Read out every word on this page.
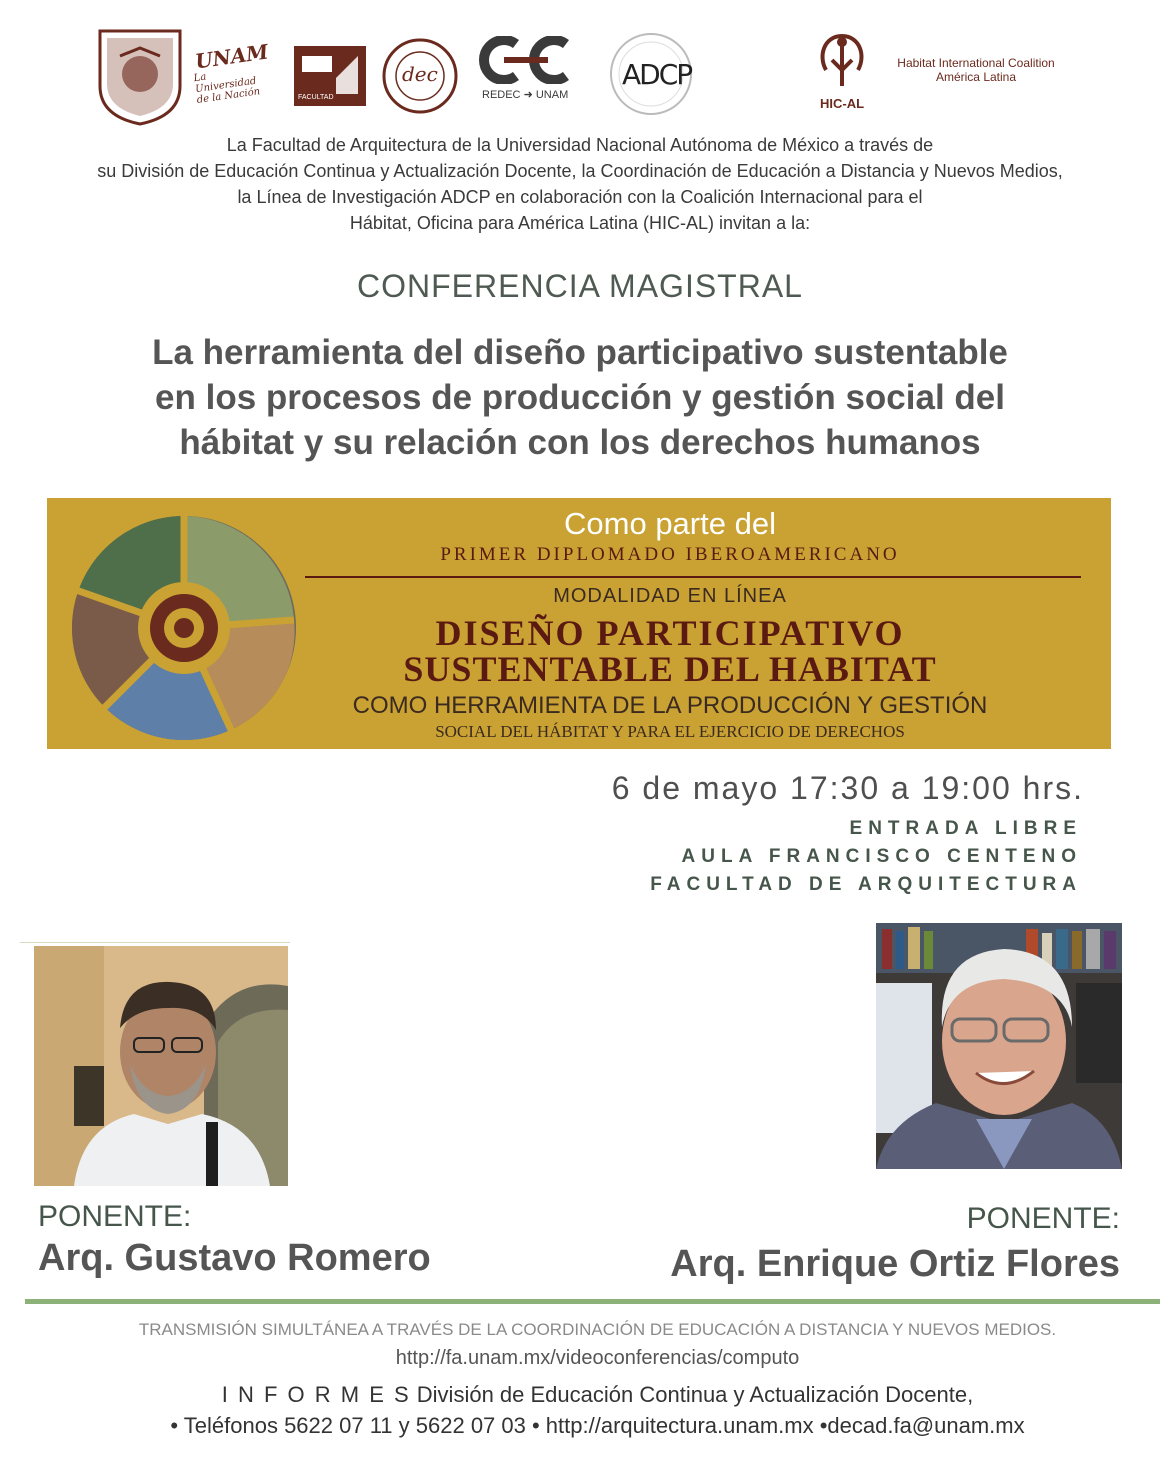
UNAM
La Universidad de la Nación	FACULTAD
dec
REDEC ➜ UNAM
ADCP
HIC-AL
Habitat International Coalition
América Latina
La Facultad de Arquitectura de la Universidad Nacional Autónoma de México a través de
su División de Educación Continua y Actualización Docente, la Coordinación de Educación a Distancia y Nuevos Medios,
la Línea de Investigación ADCP en colaboración con la Coalición Internacional para el
Hábitat, Oficina para América Latina (HIC-AL) invitan a la:
CONFERENCIA MAGISTRAL
La herramienta del diseño participativo sustentable
en los procesos de producción y gestión social del
hábitat y su relación con los derechos humanos
Como parte del
PRIMER DIPLOMADO IBEROAMERICANO
MODALIDAD EN LÍNEA
DISEÑO PARTICIPATIVO
SUSTENTABLE DEL HABITAT
COMO HERRAMIENTA DE LA PRODUCCIÓN Y GESTIÓN
SOCIAL DEL HÁBITAT Y PARA EL EJERCICIO DE DERECHOS
6 de mayo 17:30 a 19:00 hrs.
ENTRADA LIBRE
AULA FRANCISCO CENTENO
FACULTAD DE ARQUITECTURA
PONENTE:
Arq. Gustavo Romero
PONENTE:
Arq. Enrique Ortiz Flores
TRANSMISIÓN SIMULTÁNEA A TRAVÉS DE LA COORDINACIÓN DE EDUCACIÓN A DISTANCIA Y NUEVOS MEDIOS.
http://fa.unam.mx/videoconferencias/computo
I N F O R M E S División de Educación Continua y Actualización Docente,
• Teléfonos 5622 07 11 y 5622 07 03 • http://arquitectura.unam.mx •decad.fa@unam.mx
